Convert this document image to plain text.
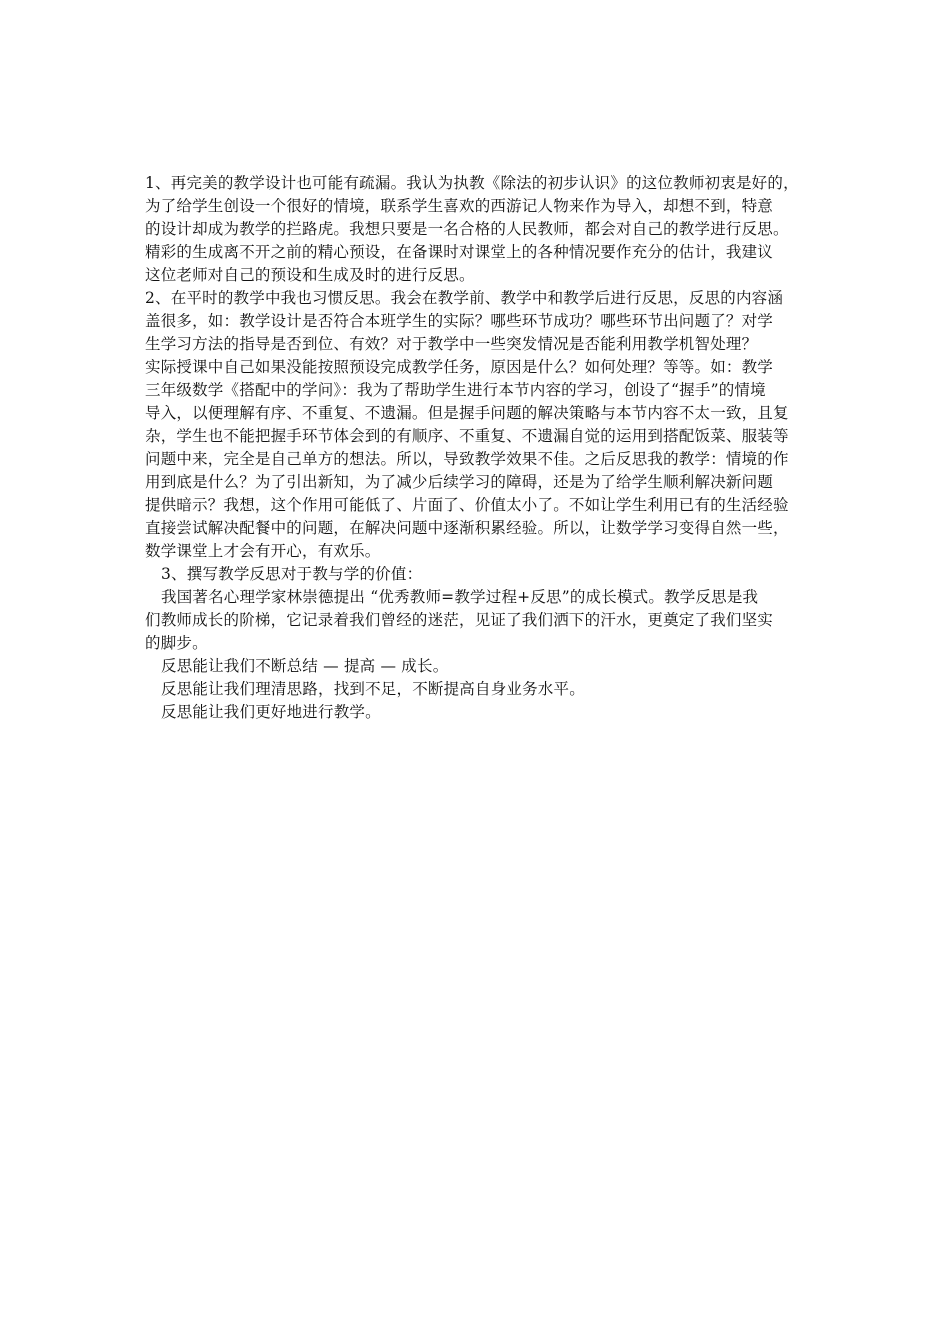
1、再完美的教学设计也可能有疏漏。我认为执教《除法的初步认识》的这位教师初衷是好的，
为了给学生创设一个很好的情境，联系学生喜欢的西游记人物来作为导入，却想不到，特意
的设计却成为教学的拦路虎。我想只要是一名合格的人民教师，都会对自己的教学进行反思。
精彩的生成离不开之前的精心预设，在备课时对课堂上的各种情况要作充分的估计，我建议
这位老师对自己的预设和生成及时的进行反思。
2、在平时的教学中我也习惯反思。我会在教学前、教学中和教学后进行反思，反思的内容涵
盖很多，如：教学设计是否符合本班学生的实际？哪些环节成功？哪些环节出问题了？对学
生学习方法的指导是否到位、有效？对于教学中一些突发情况是否能利用教学机智处理？
实际授课中自己如果没能按照预设完成教学任务，原因是什么？如何处理？等等。如：教学
三年级数学《搭配中的学问》：我为了帮助学生进行本节内容的学习，创设了“握手”的情境
导入，以便理解有序、不重复、不遗漏。但是握手问题的解决策略与本节内容不太一致，且复
杂，学生也不能把握手环节体会到的有顺序、不重复、不遗漏自觉的运用到搭配饭菜、服装等
问题中来，完全是自己单方的想法。所以，导致教学效果不佳。之后反思我的教学：情境的作
用到底是什么？为了引出新知，为了减少后续学习的障碍，还是为了给学生顺利解决新问题
提供暗示？我想，这个作用可能低了、片面了、价值太小了。不如让学生利用已有的生活经验
直接尝试解决配餐中的问题，在解决问题中逐渐积累经验。所以，让数学学习变得自然一些，
数学课堂上才会有开心，有欢乐。
3、撰写教学反思对于教与学的价值：
我国著名心理学家林崇德提出 “优秀教师=教学过程+反思”的成长模式。教学反思是我
们教师成长的阶梯，它记录着我们曾经的迷茫，见证了我们洒下的汗水，更奠定了我们坚实
的脚步。
反思能让我们不断总结 — 提高 — 成长。
反思能让我们理清思路，找到不足，不断提高自身业务水平。
反思能让我们更好地进行教学。
